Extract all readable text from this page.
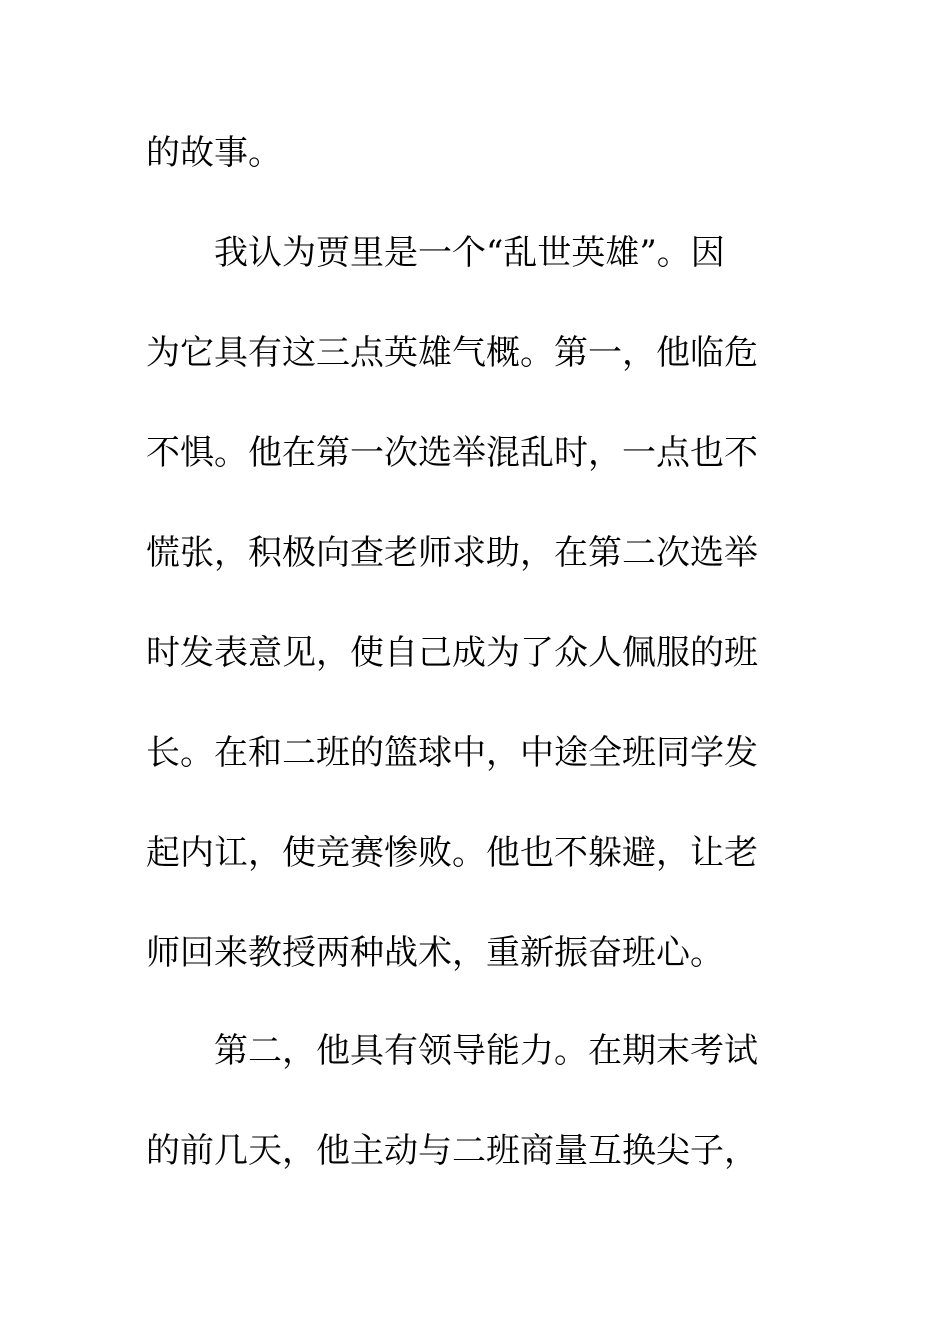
的故事。
我认为贾里是一个“乱世英雄”。因
为它具有这三点英雄气概。第一，他临危
不惧。他在第一次选举混乱时，一点也不
慌张，积极向查老师求助，在第二次选举
时发表意见，使自己成为了众人佩服的班
长。在和二班的篮球中，中途全班同学发
起内讧，使竞赛惨败。他也不躲避，让老
师回来教授两种战术，重新振奋班心。
第二，他具有领导能力。在期末考试
的前几天，他主动与二班商量互换尖子，
